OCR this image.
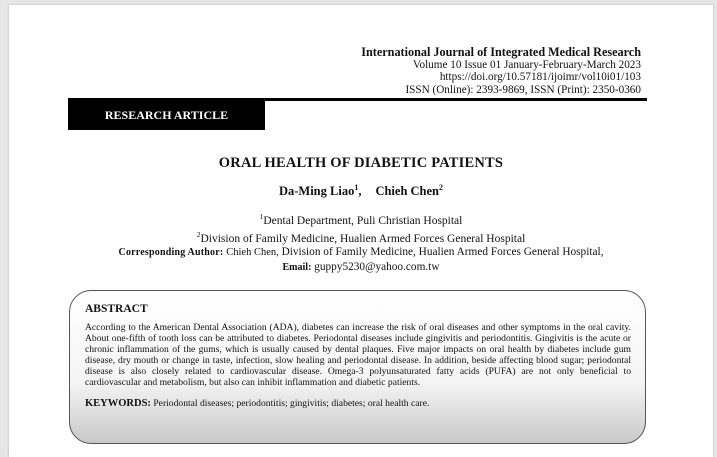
International Journal of Integrated Medical Research
Volume 10 Issue 01 January-February-March 2023
https://doi.org/10.57181/ijoimr/vol10i01/103
ISSN (Online): 2393-9869, ISSN (Print): 2350-0360
RESEARCH ARTICLE
ORAL HEALTH OF DIABETIC PATIENTS
Da-Ming Liao$^1$, Chieh Chen$^2$
$^1$Dental Department, Puli Christian Hospital
$^2$Division of Family Medicine, Hualien Armed Forces General Hospital
Corresponding Author: Chieh Chen, Division of Family Medicine, Hualien Armed Forces General Hospital,
Email: guppy5230@yahoo.com.tw
ABSTRACT
According to the American Dental Association (ADA), diabetes can increase the risk of oral diseases and other symptoms in the oral cavity. About one-fifth of tooth loss can be attributed to diabetes. Periodontal diseases include gingivitis and periodontitis. Gingivitis is the acute or chronic inflammation of the gums, which is usually caused by dental plaques. Five major impacts on oral health by diabetes include gum disease, dry mouth or change in taste, infection, slow healing and periodontal disease. In addition, beside affecting blood sugar; periodontal disease is also closely related to cardiovascular disease. Omega-3 polyunsaturated fatty acids (PUFA) are not only beneficial to cardiovascular and metabolism, but also can inhibit inflammation and diabetic patients.
KEYWORDS: Periodontal diseases; periodontitis; gingivitis; diabetes; oral health care.
